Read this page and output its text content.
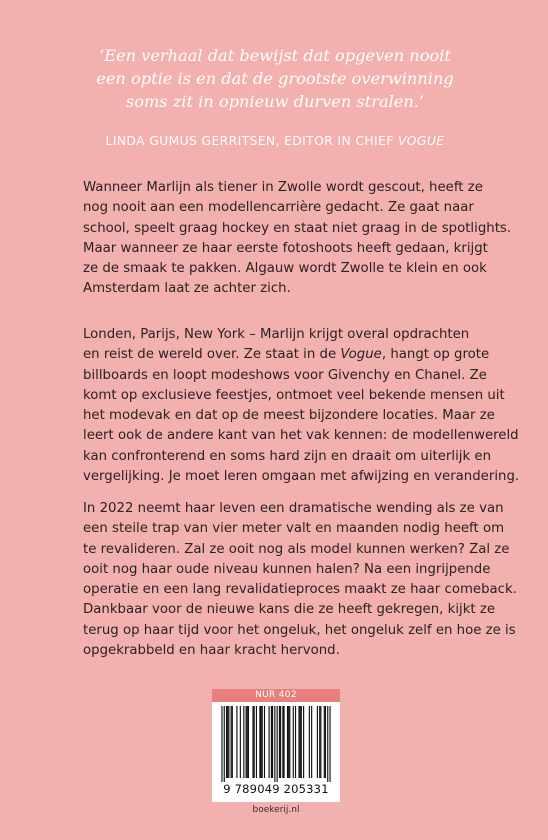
‘Een verhaal dat bewijst dat opgeven nooit
een optie is en dat de grootste overwinning
soms zit in opnieuw durven stralen.’
LINDA GUMUS GERRITSEN, EDITOR IN CHIEF VOGUE
Wanneer Marlijn als tiener in Zwolle wordt gescout, heeft ze
nog nooit aan een modellencarrière gedacht. Ze gaat naar
school, speelt graag hockey en staat niet graag in de spotlights.
Maar wanneer ze haar eerste fotoshoots heeft gedaan, krijgt
ze de smaak te pakken. Algauw wordt Zwolle te klein en ook
Amsterdam laat ze achter zich.
Londen, Parijs, New York – Marlijn krijgt overal opdrachten
en reist de wereld over. Ze staat in de Vogue, hangt op grote
billboards en loopt modeshows voor Givenchy en Chanel. Ze
komt op exclusieve feestjes, ontmoet veel bekende mensen uit
het modevak en dat op de meest bijzondere locaties. Maar ze
leert ook de andere kant van het vak kennen: de modellenwereld
kan confronterend en soms hard zijn en draait om uiterlijk en
vergelijking. Je moet leren omgaan met afwijzing en verandering.
In 2022 neemt haar leven een dramatische wending als ze van
een steile trap van vier meter valt en maanden nodig heeft om
te revalideren. Zal ze ooit nog als model kunnen werken? Zal ze
ooit nog haar oude niveau kunnen halen? Na een ingrijpende
operatie en een lang revalidatieproces maakt ze haar comeback.
Dankbaar voor de nieuwe kans die ze heeft gekregen, kijkt ze
terug op haar tijd voor het ongeluk, het ongeluk zelf en hoe ze is
opgekrabbeld en haar kracht hervond.
NUR 402
9 789049 205331
boekerij.nl
